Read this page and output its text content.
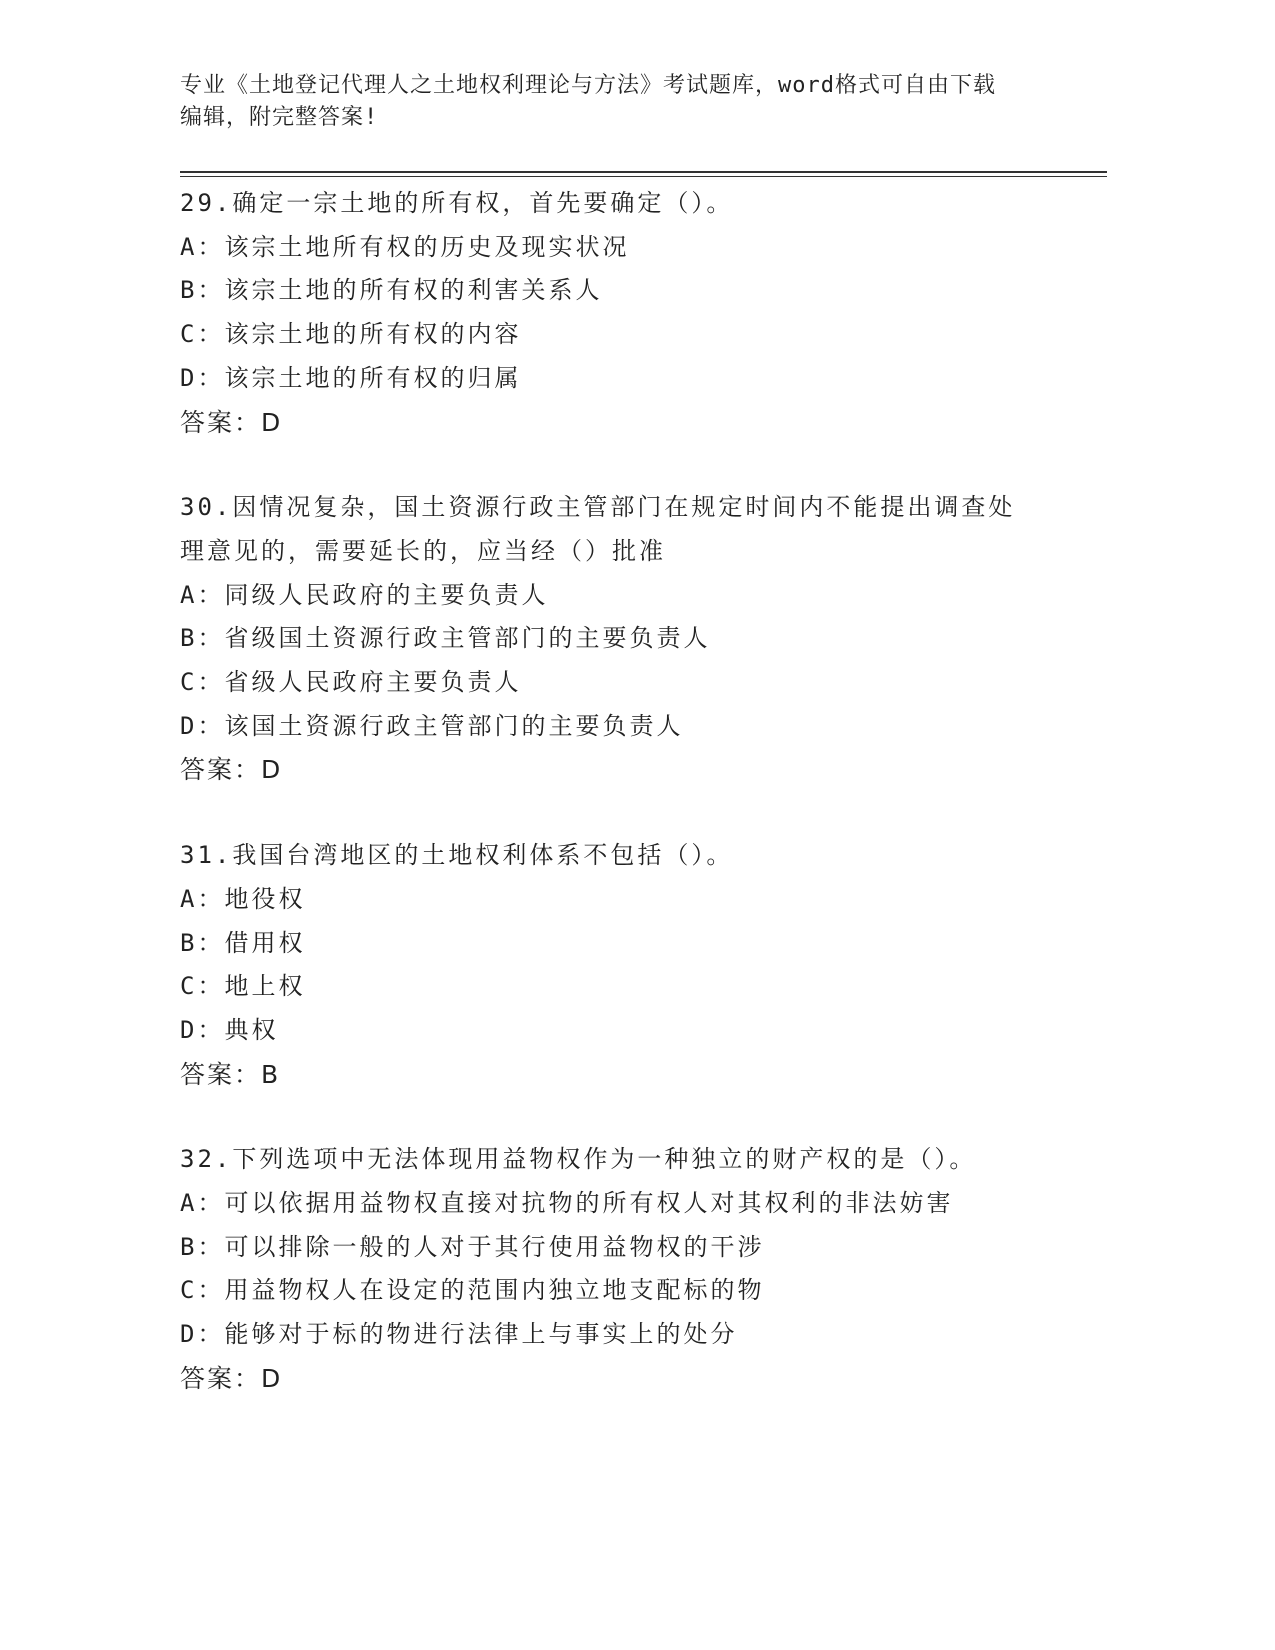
专业《土地登记代理人之土地权利理论与方法》考试题库，word格式可自由下载
编辑，附完整答案!
29.确定一宗土地的所有权，首先要确定（）。
A：该宗土地所有权的历史及现实状况
B：该宗土地的所有权的利害关系人
C：该宗土地的所有权的内容
D：该宗土地的所有权的归属
答案：D
30.因情况复杂，国土资源行政主管部门在规定时间内不能提出调查处理意见的，需要延长的，应当经（）批准
A：同级人民政府的主要负责人
B：省级国土资源行政主管部门的主要负责人
C：省级人民政府主要负责人
D：该国土资源行政主管部门的主要负责人
答案：D
31.我国台湾地区的土地权利体系不包括（）。
A：地役权
B：借用权
C：地上权
D：典权
答案：B
32.下列选项中无法体现用益物权作为一种独立的财产权的是（）。
A：可以依据用益物权直接对抗物的所有权人对其权利的非法妨害
B：可以排除一般的人对于其行使用益物权的干涉
C：用益物权人在设定的范围内独立地支配标的物
D：能够对于标的物进行法律上与事实上的处分
答案：D
